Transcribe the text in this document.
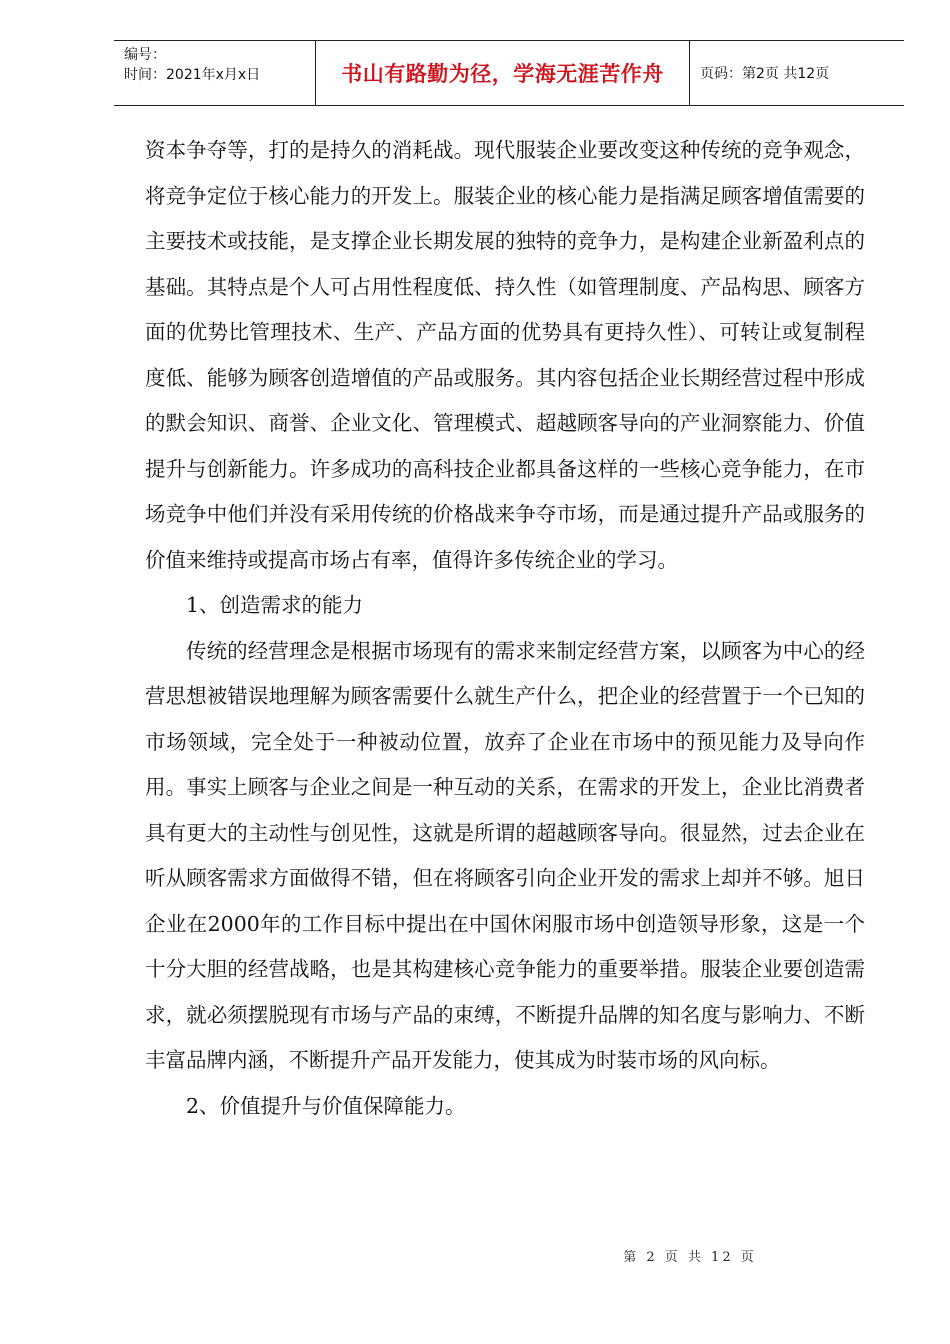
编号：
时间：2021年x月x日	书山有路勤为径，学海无涯苦作舟	页码：第2页 共12页

资本争夺等，打的是持久的消耗战。现代服装企业要改变这种传统的竞争观念，将竞争定位于核心能力的开发上。服装企业的核心能力是指满足顾客增值需要的主要技术或技能，是支撑企业长期发展的独特的竞争力，是构建企业新盈利点的基础。其特点是个人可占用性程度低、持久性（如管理制度、产品构思、顾客方面的优势比管理技术、生产、产品方面的优势具有更持久性）、可转让或复制程度低、能够为顾客创造增值的产品或服务。其内容包括企业长期经营过程中形成的默会知识、商誉、企业文化、管理模式、超越顾客导向的产业洞察能力、价值提升与创新能力。许多成功的高科技企业都具备这样的一些核心竞争能力，在市场竞争中他们并没有采用传统的价格战来争夺市场，而是通过提升产品或服务的价值来维持或提高市场占有率，值得许多传统企业的学习。

1、创造需求的能力

传统的经营理念是根据市场现有的需求来制定经营方案，以顾客为中心的经营思想被错误地理解为顾客需要什么就生产什么，把企业的经营置于一个已知的市场领域，完全处于一种被动位置，放弃了企业在市场中的预见能力及导向作用。事实上顾客与企业之间是一种互动的关系，在需求的开发上，企业比消费者具有更大的主动性与创见性，这就是所谓的超越顾客导向。很显然，过去企业在听从顾客需求方面做得不错，但在将顾客引向企业开发的需求上却并不够。旭日企业在2000年的工作目标中提出在中国休闲服市场中创造领导形象，这是一个十分大胆的经营战略，也是其构建核心竞争能力的重要举措。服装企业要创造需求，就必须摆脱现有市场与产品的束缚，不断提升品牌的知名度与影响力、不断丰富品牌内涵，不断提升产品开发能力，使其成为时装市场的风向标。

2、价值提升与价值保障能力。

第 2 页 共 12 页
